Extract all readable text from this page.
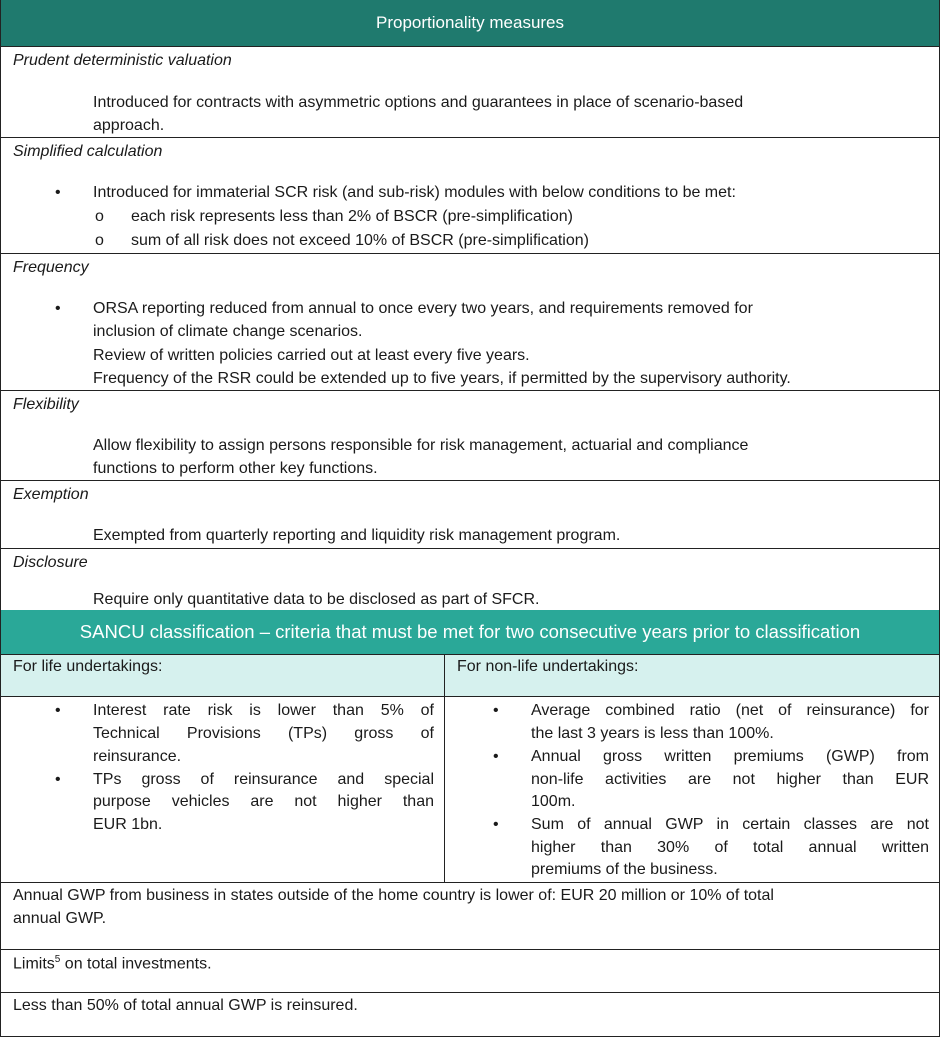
Proportionality measures
Prudent deterministic valuation
Introduced for contracts with asymmetric options and guarantees in place of scenario-based
approach.
Simplified calculation
• Introduced for immaterial SCR risk (and sub-risk) modules with below conditions to be met:
o each risk represents less than 2% of BSCR (pre-simplification)
o sum of all risk does not exceed 10% of BSCR (pre-simplification)
Frequency
• ORSA reporting reduced from annual to once every two years, and requirements removed for
inclusion of climate change scenarios.
Review of written policies carried out at least every five years.
Frequency of the RSR could be extended up to five years, if permitted by the supervisory authority.
Flexibility
Allow flexibility to assign persons responsible for risk management, actuarial and compliance
functions to perform other key functions.
Exemption
Exempted from quarterly reporting and liquidity risk management program.
Disclosure
Require only quantitative data to be disclosed as part of SFCR.
SANCU classification – criteria that must be met for two consecutive years prior to classification
For life undertakings:	For non-life undertakings:
• Interest rate risk is lower than 5% of
Technical Provisions (TPs) gross of
reinsurance.
• TPs gross of reinsurance and special
purpose vehicles are not higher than
EUR 1bn.
• Average combined ratio (net of reinsurance) for
the last 3 years is less than 100%.
• Annual gross written premiums (GWP) from
non-life activities are not higher than EUR
100m.
• Sum of annual GWP in certain classes are not
higher than 30% of total annual written
premiums of the business.
Annual GWP from business in states outside of the home country is lower of: EUR 20 million or 10% of total
annual GWP.
Limits$^5$ on total investments.
Less than 50% of total annual GWP is reinsured.
